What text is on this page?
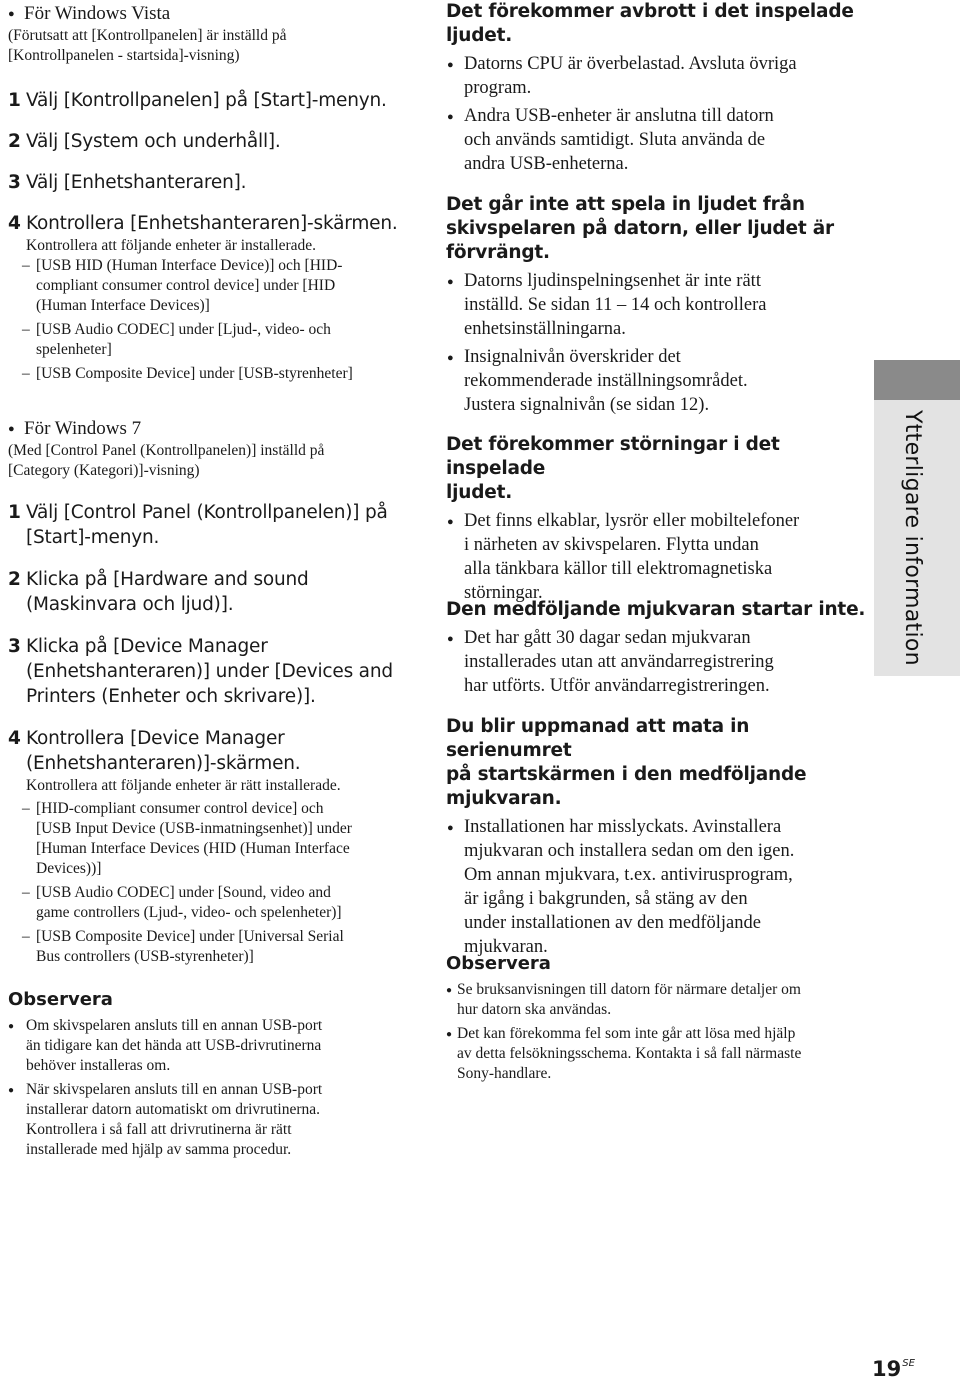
● För Windows Vista
(Förutsatt att [Kontrollpanelen] är inställd på
[Kontrollpanelen - startsida]-visning)
1 Välj [Kontrollpanelen] på [Start]-menyn.
2 Välj [System och underhåll].
3 Välj [Enhetshanteraren].
4 Kontrollera [Enhetshanteraren]-skärmen.
Kontrollera att följande enheter är installerade.
– [USB HID (Human Interface Device)] och [HID-
compliant consumer control device] under [HID
(Human Interface Devices)]
– [USB Audio CODEC] under [Ljud-, video- och
spelenheter]
– [USB Composite Device] under [USB-styrenheter]
● För Windows 7
(Med [Control Panel (Kontrollpanelen)] inställd på
[Category (Kategori)]-visning)
1 Välj [Control Panel (Kontrollpanelen)] på
[Start]-menyn.
2 Klicka på [Hardware and sound
(Maskinvara och ljud)].
3 Klicka på [Device Manager
(Enhetshanteraren)] under [Devices and
Printers (Enheter och skrivare)].
4 Kontrollera [Device Manager
(Enhetshanteraren)]-skärmen.
Kontrollera att följande enheter är rätt installerade.
– [HID-compliant consumer control device] och
[USB Input Device (USB-inmatningsenhet)] under
[Human Interface Devices (HID (Human Interface
Devices))]
– [USB Audio CODEC] under [Sound, video and
game controllers (Ljud-, video- och spelenheter)]
– [USB Composite Device] under [Universal Serial
Bus controllers (USB-styrenheter)]
Observera
● Om skivspelaren ansluts till en annan USB-port
än tidigare kan det hända att USB-drivrutinerna
behöver installeras om.
● När skivspelaren ansluts till en annan USB-port
installerar datorn automatiskt om drivrutinerna.
Kontrollera i så fall att drivrutinerna är rätt
installerade med hjälp av samma procedur.
Det förekommer avbrott i det inspelade
ljudet.
● Datorns CPU är överbelastad. Avsluta övriga
program.
● Andra USB-enheter är anslutna till datorn
och används samtidigt. Sluta använda de
andra USB-enheterna.
Det går inte att spela in ljudet från
skivspelaren på datorn, eller ljudet är
förvrängt.
● Datorns ljudinspelningsenhet är inte rätt
inställd. Se sidan 11 – 14 och kontrollera
enhetsinställningarna.
● Insignalnivån överskrider det
rekommenderade inställningsområdet.
Justera signalnivån (se sidan 12).
Det förekommer störningar i det inspelade
ljudet.
● Det finns elkablar, lysrör eller mobiltelefoner
i närheten av skivspelaren. Flytta undan
alla tänkbara källor till elektromagnetiska
störningar.
Den medföljande mjukvaran startar inte.
● Det har gått 30 dagar sedan mjukvaran
installerades utan att användarregistrering
har utförts. Utför användarregistreringen.
Du blir uppmanad att mata in serienumret
på startskärmen i den medföljande
mjukvaran.
● Installationen har misslyckats. Avinstallera
mjukvaran och installera sedan om den igen.
Om annan mjukvara, t.ex. antivirusprogram,
är igång i bakgrunden, så stäng av den
under installationen av den medföljande
mjukvaran.
Observera
● Se bruksanvisningen till datorn för närmare detaljer om
hur datorn ska användas.
● Det kan förekomma fel som inte går att lösa med hjälp
av detta felsökningsschema. Kontakta i så fall närmaste
Sony-handlare.
Ytterligare information
$19^{SE}$
